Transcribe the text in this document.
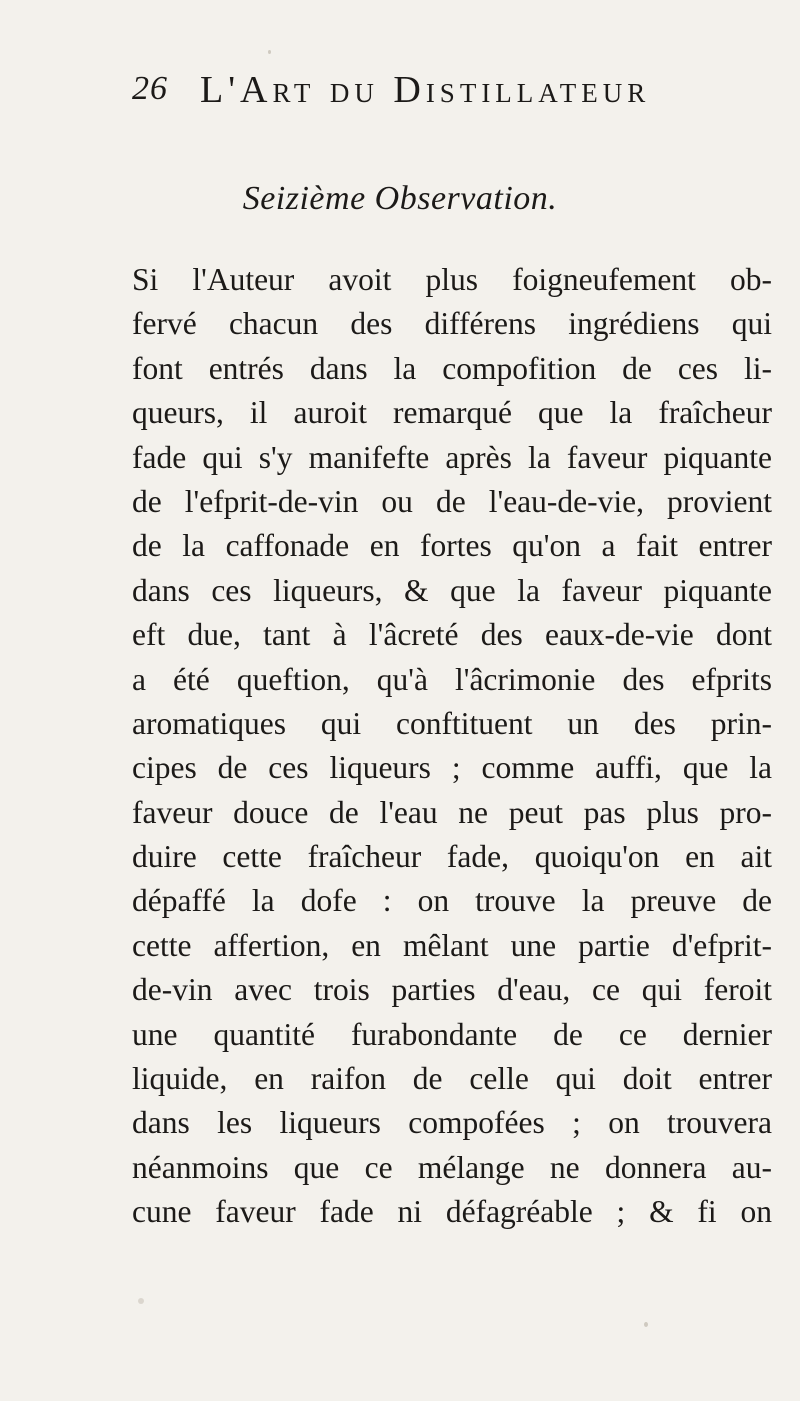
26 L'Art du Distillateur
Seizième Observation.
Si l'Auteur avoit plus foigneufement ob-
fervé chacun des différens ingrédiens qui
font entrés dans la compofition de ces li-
queurs, il auroit remarqué que la fraîcheur
fade qui s'y manifefte après la faveur piquante
de l'efprit-de-vin ou de l'eau-de-vie, provient
de la caffonade en fortes qu'on a fait entrer
dans ces liqueurs, & que la faveur piquante
eft due, tant à l'âcreté des eaux-de-vie dont
a été queftion, qu'à l'âcrimonie des efprits
aromatiques qui conftituent un des prin-
cipes de ces liqueurs ; comme auffi, que la
faveur douce de l'eau ne peut pas plus pro-
duire cette fraîcheur fade, quoiqu'on en ait
dépaffé la dofe : on trouve la preuve de
cette affertion, en mêlant une partie d'efprit-
de-vin avec trois parties d'eau, ce qui feroit
une quantité furabondante de ce dernier
liquide, en raifon de celle qui doit entrer
dans les liqueurs compofées ; on trouvera
néanmoins que ce mélange ne donnera au-
cune faveur fade ni défagréable ; & fi on
